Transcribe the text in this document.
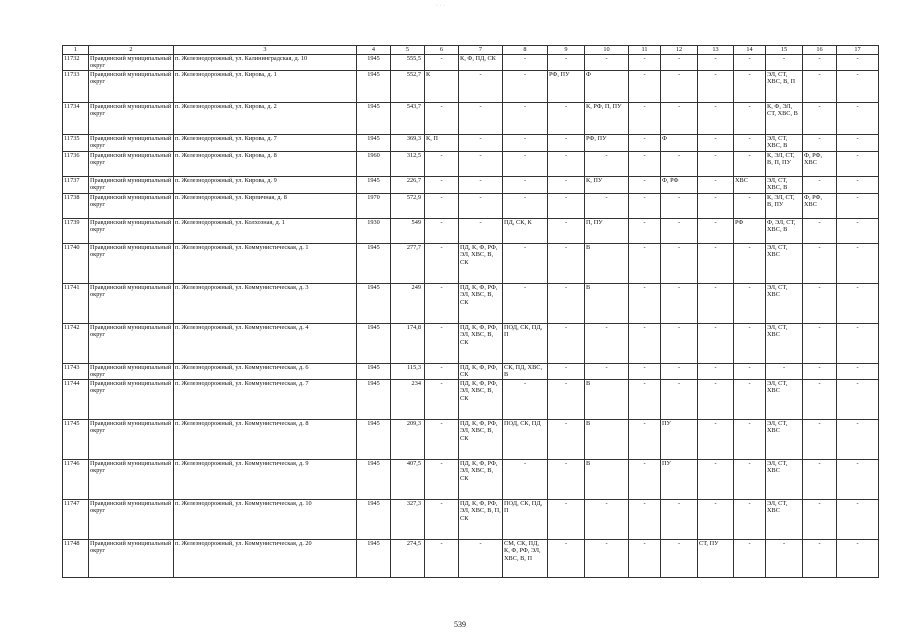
· · ·
1	2	3	4	5	6	7	8	9	10	11	12	13	14	15	16	17
11732	Правдинский муниципальный округ	п. Железнодорожный, ул. Калининградская, д. 10	1945	555,5	-	К, Ф, ПД, СК	-	-	-	-	-	-	-	-	-	-
11733	Правдинский муниципальный округ	п. Железнодорожный, ул. Кирова, д. 1	1945	552,7	К	-	-	РФ, ПУ	Ф	-	-	-	-	ЭЛ, СТ, ХВС, В, П	-	-
11734	Правдинский муниципальный округ	п. Железнодорожный, ул. Кирова, д. 2	1945	543,7	-	-	-	-	К, РФ, П, ПУ	-	-	-	-	К, Ф, ЭЛ, СТ, ХВС, В	-	-
11735	Правдинский муниципальный округ	п. Железнодорожный, ул. Кирова, д. 7	1945	369,3	К, П	-	-	-	РФ, ПУ	-	Ф	-	-	ЭЛ, СТ, ХВС, В	-	-
11736	Правдинский муниципальный округ	п. Железнодорожный, ул. Кирова, д. 8	1960	312,5	-	-	-	-	-	-	-	-	-	К, ЭЛ, СТ, В, П, ПУ	Ф, РФ, ХВС	-
11737	Правдинский муниципальный округ	п. Железнодорожный, ул. Кирова, д. 9	1945	226,7	-	-	-	-	К, ПУ	-	Ф, РФ	-	ХВС	ЭЛ, СТ, ХВС, В	-	-
11738	Правдинский муниципальный округ	п. Железнодорожный, ул. Кирпичная, д. 8	1970	572,9	-	-	-	-	-	-	-	-	-	К, ЭЛ, СТ, В, ПУ	Ф, РФ, ХВС	-
11739	Правдинский муниципальный округ	п. Железнодорожный, ул. Колхозная, д. 1	1930	549	-	-	ПД, СК, К	-	П, ПУ	-	-	-	РФ	Ф, ЭЛ, СТ, ХВС, В	-	-
11740	Правдинский муниципальный округ	п. Железнодорожный, ул. Коммунистическая, д. 1	1945	277,7	-	ПД, К, Ф, РФ, ЭЛ, ХВС, В, СК	-	-	В	-	-	-	-	ЭЛ, СТ, ХВС	-	-
11741	Правдинский муниципальный округ	п. Железнодорожный, ул. Коммунистическая, д. 3	1945	249	-	ПД, К, Ф, РФ, ЭЛ, ХВС, В, СК	-	-	В	-	-	-	-	ЭЛ, СТ, ХВС	-	-
11742	Правдинский муниципальный округ	п. Железнодорожный, ул. Коммунистическая, д. 4	1945	174,8	-	ПД, К, Ф, РФ, ЭЛ, ХВС, В, СК	ПОД, СК, ПД, П	-	-	-	-	-	-	ЭЛ, СТ, ХВС	-	-
11743	Правдинский муниципальный округ	п. Железнодорожный, ул. Коммунистическая, д. 6	1945	115,3	-	ПД, К, Ф, РФ, СК	СК, ПД, ХВС, В	-	-	-	-	-	-	-	-	-
11744	Правдинский муниципальный округ	п. Железнодорожный, ул. Коммунистическая, д. 7	1945	234	-	ПД, К, Ф, РФ, ЭЛ, ХВС, В, СК	-	-	В	-	-	-	-	ЭЛ, СТ, ХВС	-	-
11745	Правдинский муниципальный округ	п. Железнодорожный, ул. Коммунистическая, д. 8	1945	209,3	-	ПД, К, Ф, РФ, ЭЛ, ХВС, В, СК	ПОД, СК, ПД	-	В	-	ПУ	-	-	ЭЛ, СТ, ХВС	-	-
11746	Правдинский муниципальный округ	п. Железнодорожный, ул. Коммунистическая, д. 9	1945	407,5	-	ПД, К, Ф, РФ, ЭЛ, ХВС, В, СК	-	-	В	-	ПУ	-	-	ЭЛ, СТ, ХВС	-	-
11747	Правдинский муниципальный округ	п. Железнодорожный, ул. Коммунистическая, д. 10	1945	327,3	-	ПД, К, Ф, РФ, ЭЛ, ХВС, В, П, СК	ПОД, СК, ПД, П	-	-	-	-	-	-	ЭЛ, СТ, ХВС	-	-
11748	Правдинский муниципальный округ	п. Железнодорожный, ул. Коммунистическая, д. 20	1945	274,5	-	-	СМ, СК, ПД, К, Ф, РФ, ЭЛ, ХВС, В, П	-	-	-	-	СТ, ПУ	-	-	-	-
539
